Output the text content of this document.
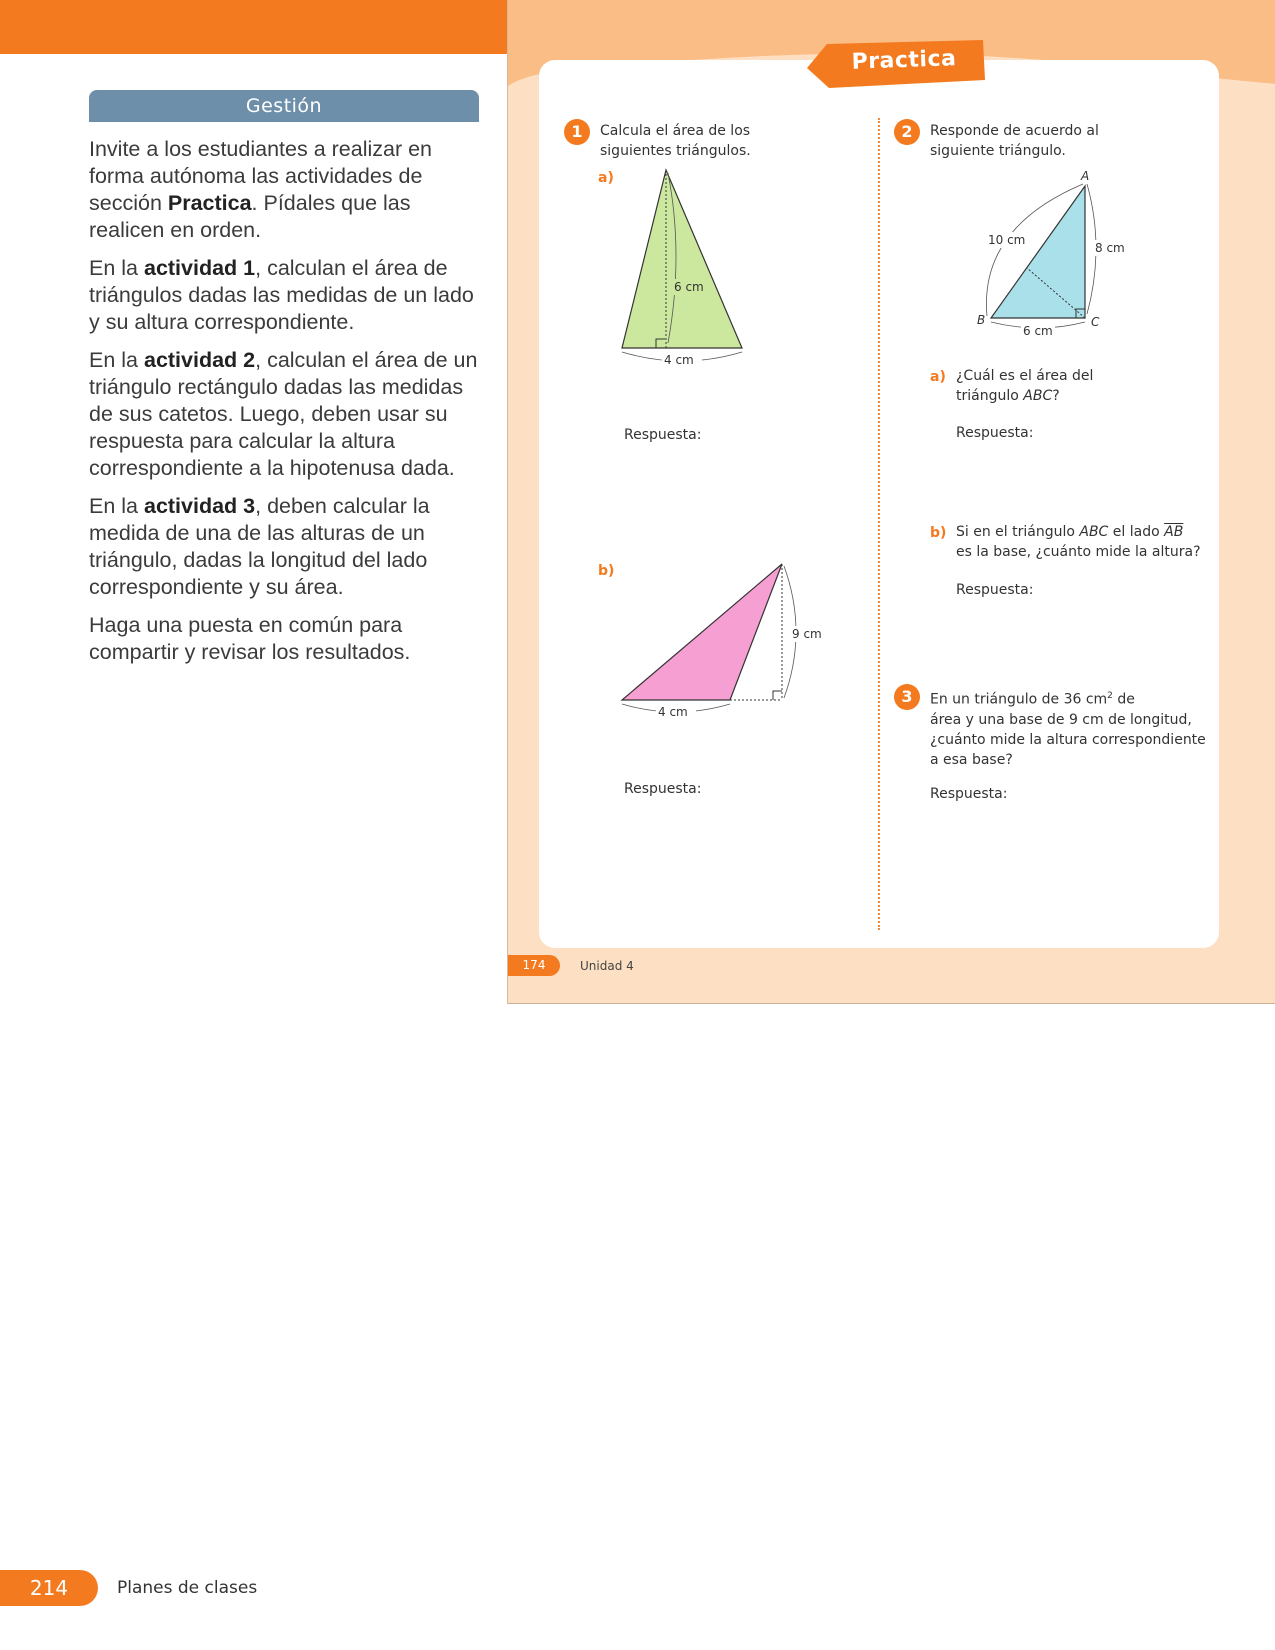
Gestión

Invite a los estudiantes a realizar en forma autónoma las actividades de sección Practica. Pídales que las realicen en orden.

En la actividad 1, calculan el área de triángulos dadas las medidas de un lado y su altura correspondiente.

En la actividad 2, calculan el área de un triángulo rectángulo dadas las medidas de sus catetos. Luego, deben usar su respuesta para calcular la altura correspondiente a la hipotenusa dada.

En la actividad 3, deben calcular la medida de una de las alturas de un triángulo, dadas la longitud del lado correspondiente y su área.

Haga una puesta en común para compartir y revisar los resultados.

Practica
1	Calcula el área de los
siguientes triángulos.
a)
6 cm
4 cm
Respuesta:
b)
9 cm
4 cm
Respuesta:
2	Responde de acuerdo al
siguiente triángulo.
A
B	C
10 cm
8 cm
6 cm
a) ¿Cuál es el área del
triángulo ABC?
Respuesta:
b) Si en el triángulo ABC el lado $\overline{AB}$
es la base, ¿cuánto mide la altura?
Respuesta:
3	En un triángulo de 36 $cm^2$ de
área y una base de 9 cm de longitud,
¿cuánto mide la altura correspondiente
a esa base?
Respuesta:
174	Unidad 4
214	Planes de clases
